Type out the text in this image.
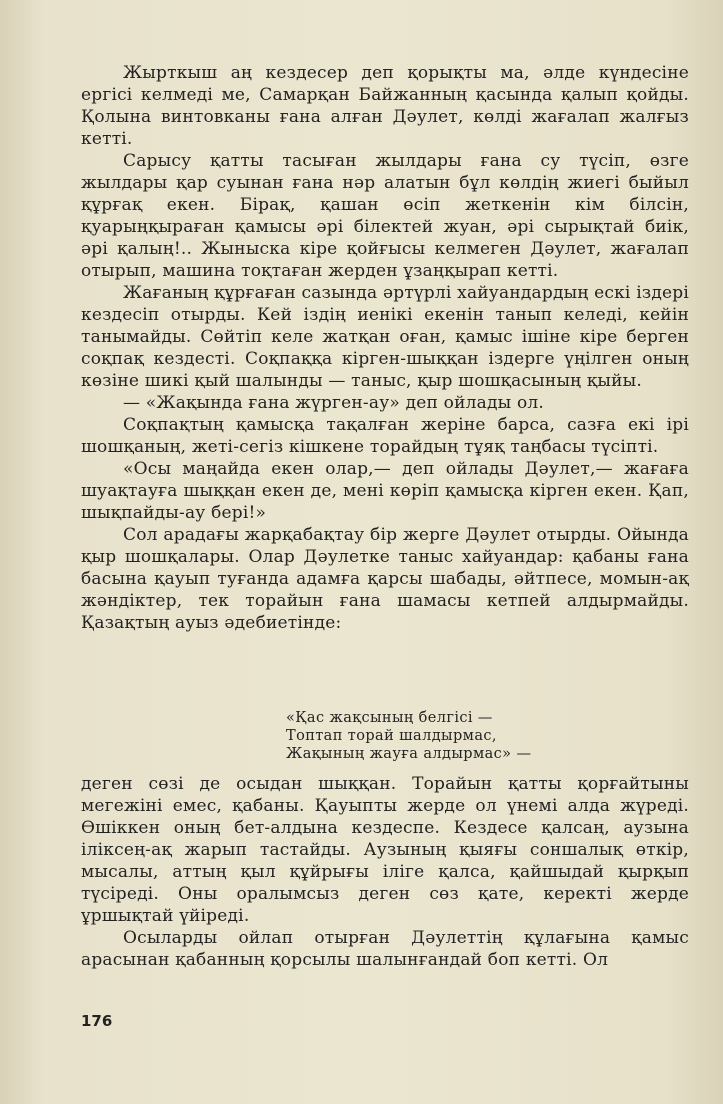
Жырткыш аң кездесер деп қорықты ма, әлде күндесіне ергісі келмеді ме, Самарқан Байжанның қасында қалып қойды. Қолына винтовканы ғана алған Дәулет, көлді жағалап жалғыз кетті.

Сарысу қатты тасыған жылдары ғана су түсіп, өзге жылдары қар суынан ғана нәр алатын бұл көлдің жиегі быйыл құрғақ екен. Бірақ, қашан өсіп жеткенін кім білсін, қуарыңқыраған қамысы әрі білектей жуан, әрі сырықтай биік, әрі қалың!.. Жыныска кіре қойғысы келмеген Дәулет, жағалап отырып, машина тоқтаған жерден ұзаңқырап кетті.

Жағаның құрғаған сазында әртүрлі хайуандардың ескі іздері кездесіп отырды. Кей іздің иенікі екенін танып келеді, кейін танымайды. Сөйтіп келе жатқан оған, қамыс ішіне кіре берген соқпақ кездесті. Соқпаққа кірген-шыққан іздерге үңілген оның көзіне шикі қый шалынды — таныс, қыр шошқасының қыйы.

— «Жақында ғана жүрген-ау» деп ойлады ол.

Соқпақтың қамысқа тақалған жеріне барса, сазға екі ірі шошқаның, жеті-сегіз кішкене торайдың тұяқ таңбасы түсіпті.

«Осы маңайда екен олар,— деп ойлады Дәулет,— жағаға шуақтауға шыққан екен де, мені көріп қамысқа кірген екен. Қап, шықпайды-ау бері!»

Сол арадағы жарқабақтау бір жерге Дәулет отырды. Ойында қыр шошқалары. Олар Дәулетке таныс хайуандар: қабаны ғана басына қауып туғанда адамға қарсы шабады, әйтпесе, момын-ақ жәндіктер, тек торайын ғана шамасы кетпей алдырмайды. Қазақтың ауыз әдебиетінде:

«Қас жақсының белгісі —
Топтап торай шалдырмас,
Жақының жауға алдырмас» —

деген сөзі де осыдан шыққан. Торайын қатты қорғайтыны мегежіні емес, қабаны. Қауыпты жерде ол үнемі алда жүреді. Өшіккен оның бет-алдына кездеспе. Кездесе қалсаң, аузына іліксең-ақ жарып тастайды. Аузының қыяғы соншалық өткір, мысалы, аттың қыл құйрығы іліге қалса, қайшыдай қырқып түсіреді. Оны оралымсыз деген сөз қате, керекті жерде ұршықтай үйіреді.

Осыларды ойлап отырған Дәулеттің құлағына қамыс арасынан қабанның қорсылы шалынғандай боп кетті. Ол

176
